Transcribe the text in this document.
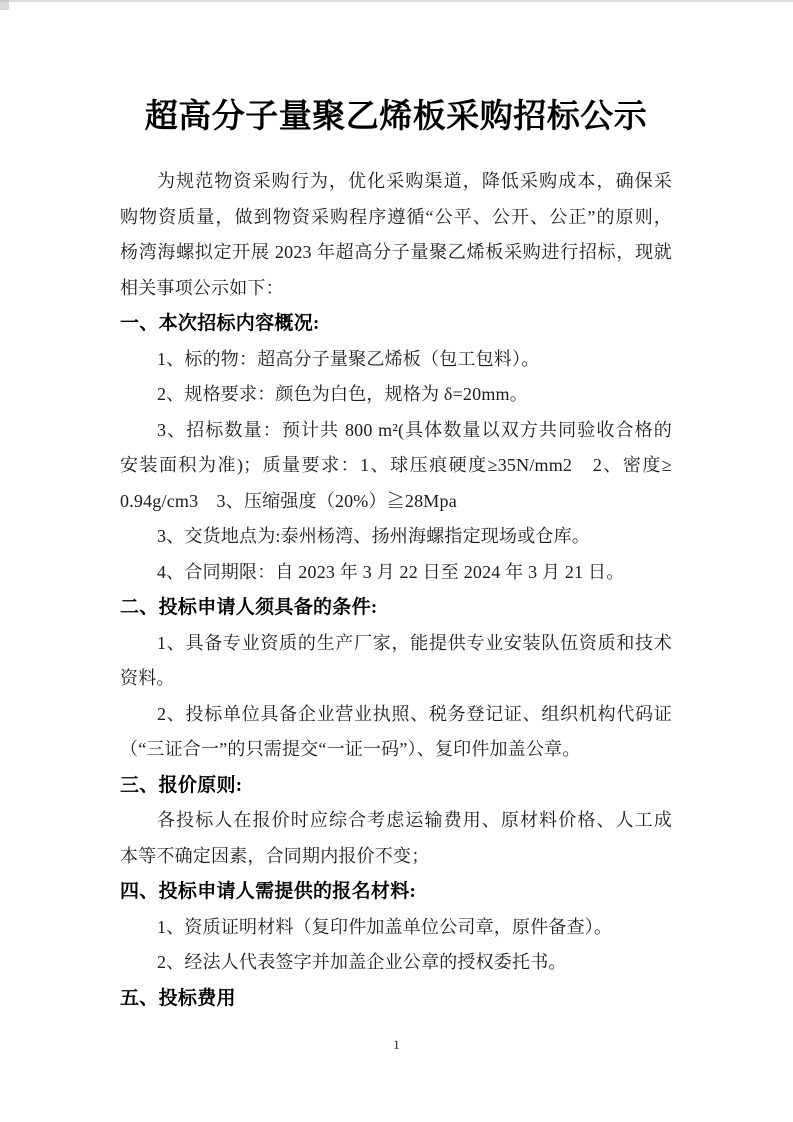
超高分子量聚乙烯板采购招标公示

为规范物资采购行为，优化采购渠道，降低采购成本，确保采

购物资质量，做到物资采购程序遵循“公平、公开、公正”的原则，

杨湾海螺拟定开展 2023 年超高分子量聚乙烯板采购进行招标，现就

相关事项公示如下：

一、本次招标内容概况:

1、标的物：超高分子量聚乙烯板（包工包料）。

2、规格要求：颜色为白色，规格为 δ=20mm。

3、招标数量：预计共 800 m²(具体数量以双方共同验收合格的

安装面积为准)；质量要求：1、球压痕硬度≥35N/mm2　2、密度≥

0.94g/cm3　3、压缩强度（20%）≧28Mpa

3、交货地点为:泰州杨湾、扬州海螺指定现场或仓库。

4、合同期限：自 2023 年 3 月 22 日至 2024 年 3 月 21 日。

二、投标申请人须具备的条件:

1、具备专业资质的生产厂家，能提供专业安装队伍资质和技术

资料。

2、投标单位具备企业营业执照、税务登记证、组织机构代码证

（“三证合一”的只需提交“一证一码”）、复印件加盖公章。

三、报价原则:

各投标人在报价时应综合考虑运输费用、原材料价格、人工成

本等不确定因素，合同期内报价不变；

四、投标申请人需提供的报名材料:

1、资质证明材料（复印件加盖单位公司章，原件备查）。

2、经法人代表签字并加盖企业公章的授权委托书。

五、投标费用

1
